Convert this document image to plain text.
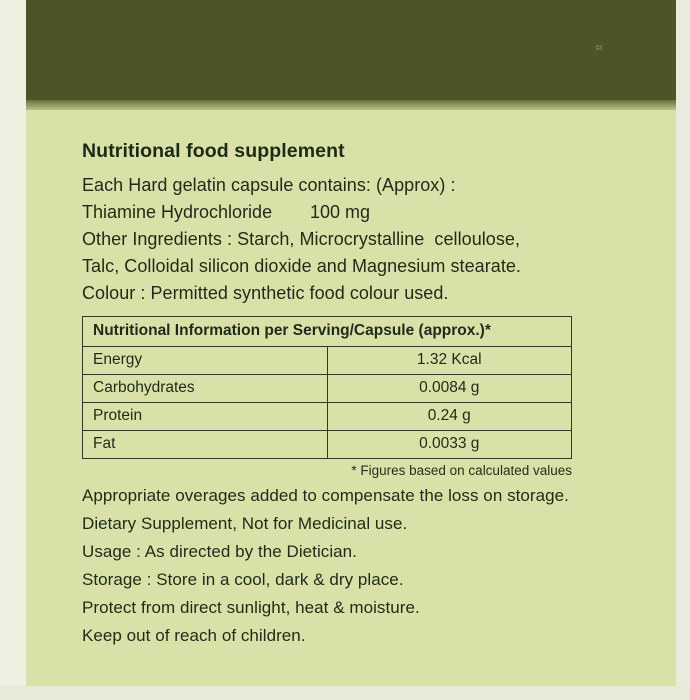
≈
Nutritional food supplement
Each Hard gelatin capsule contains: (Approx) :
Thiamine Hydrochloride	100 mg
Other Ingredients : Starch, Microcrystalline  celloulose,
Talc, Colloidal silicon dioxide and Magnesium stearate.
Colour : Permitted synthetic food colour used.
Nutritional Information per Serving/Capsule (approx.)*	
Energy	1.32 Kcal
Carbohydrates	0.0084 g
Protein	0.24 g
Fat	0.0033 g
* Figures based on calculated values
Appropriate overages added to compensate the loss on storage.
Dietary Supplement, Not for Medicinal use.
Usage : As directed by the Dietician.
Storage : Store in a cool, dark & dry place.
Protect from direct sunlight, heat & moisture.
Keep out of reach of children.
